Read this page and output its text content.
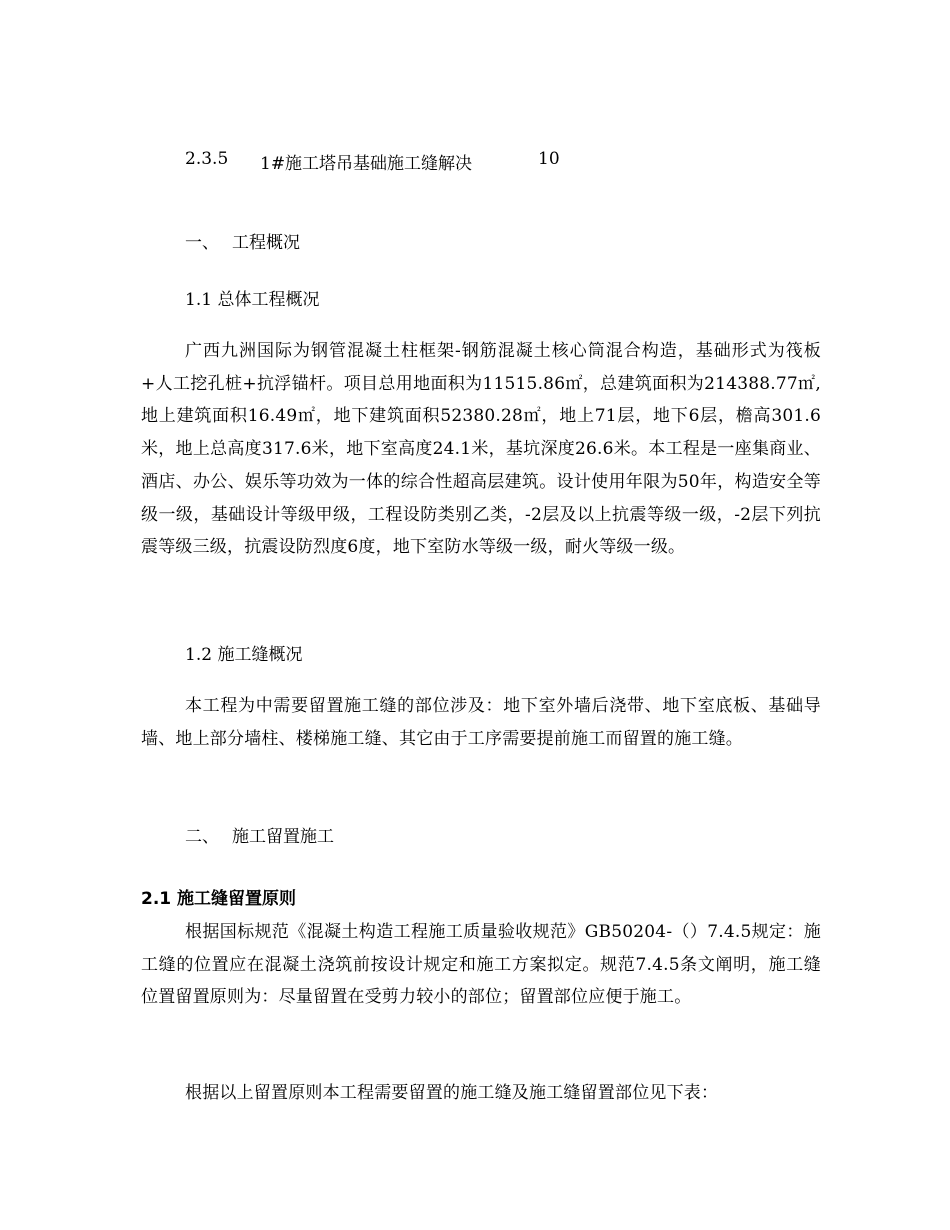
2.3.5 1#施工塔吊基础施工缝解决	10
一、 工程概况
1.1 总体工程概况
广西九洲国际为钢管混凝土柱框架-钢筋混凝土核心筒混合构造，基础形式为筏板+人工挖孔桩+抗浮锚杆。项目总用地面积为11515.86㎡，总建筑面积为214388.77㎡,地上建筑面积16.49㎡，地下建筑面积52380.28㎡，地上71层，地下6层，檐高301.6米，地上总高度317.6米，地下室高度24.1米，基坑深度26.6米。本工程是一座集商业、酒店、办公、娱乐等功效为一体的综合性超高层建筑。设计使用年限为50年，构造安全等级一级，基础设计等级甲级，工程设防类别乙类，-2层及以上抗震等级一级，-2层下列抗震等级三级，抗震设防烈度6度，地下室防水等级一级，耐火等级一级。
1.2 施工缝概况
本工程为中需要留置施工缝的部位涉及：地下室外墙后浇带、地下室底板、基础导墙、地上部分墙柱、楼梯施工缝、其它由于工序需要提前施工而留置的施工缝。
二、 施工留置施工
2.1 施工缝留置原则
根据国标规范《混凝土构造工程施工质量验收规范》GB50204-（）7.4.5规定：施工缝的位置应在混凝土浇筑前按设计规定和施工方案拟定。规范7.4.5条文阐明，施工缝位置留置原则为：尽量留置在受剪力较小的部位；留置部位应便于施工。
根据以上留置原则本工程需要留置的施工缝及施工缝留置部位见下表：
